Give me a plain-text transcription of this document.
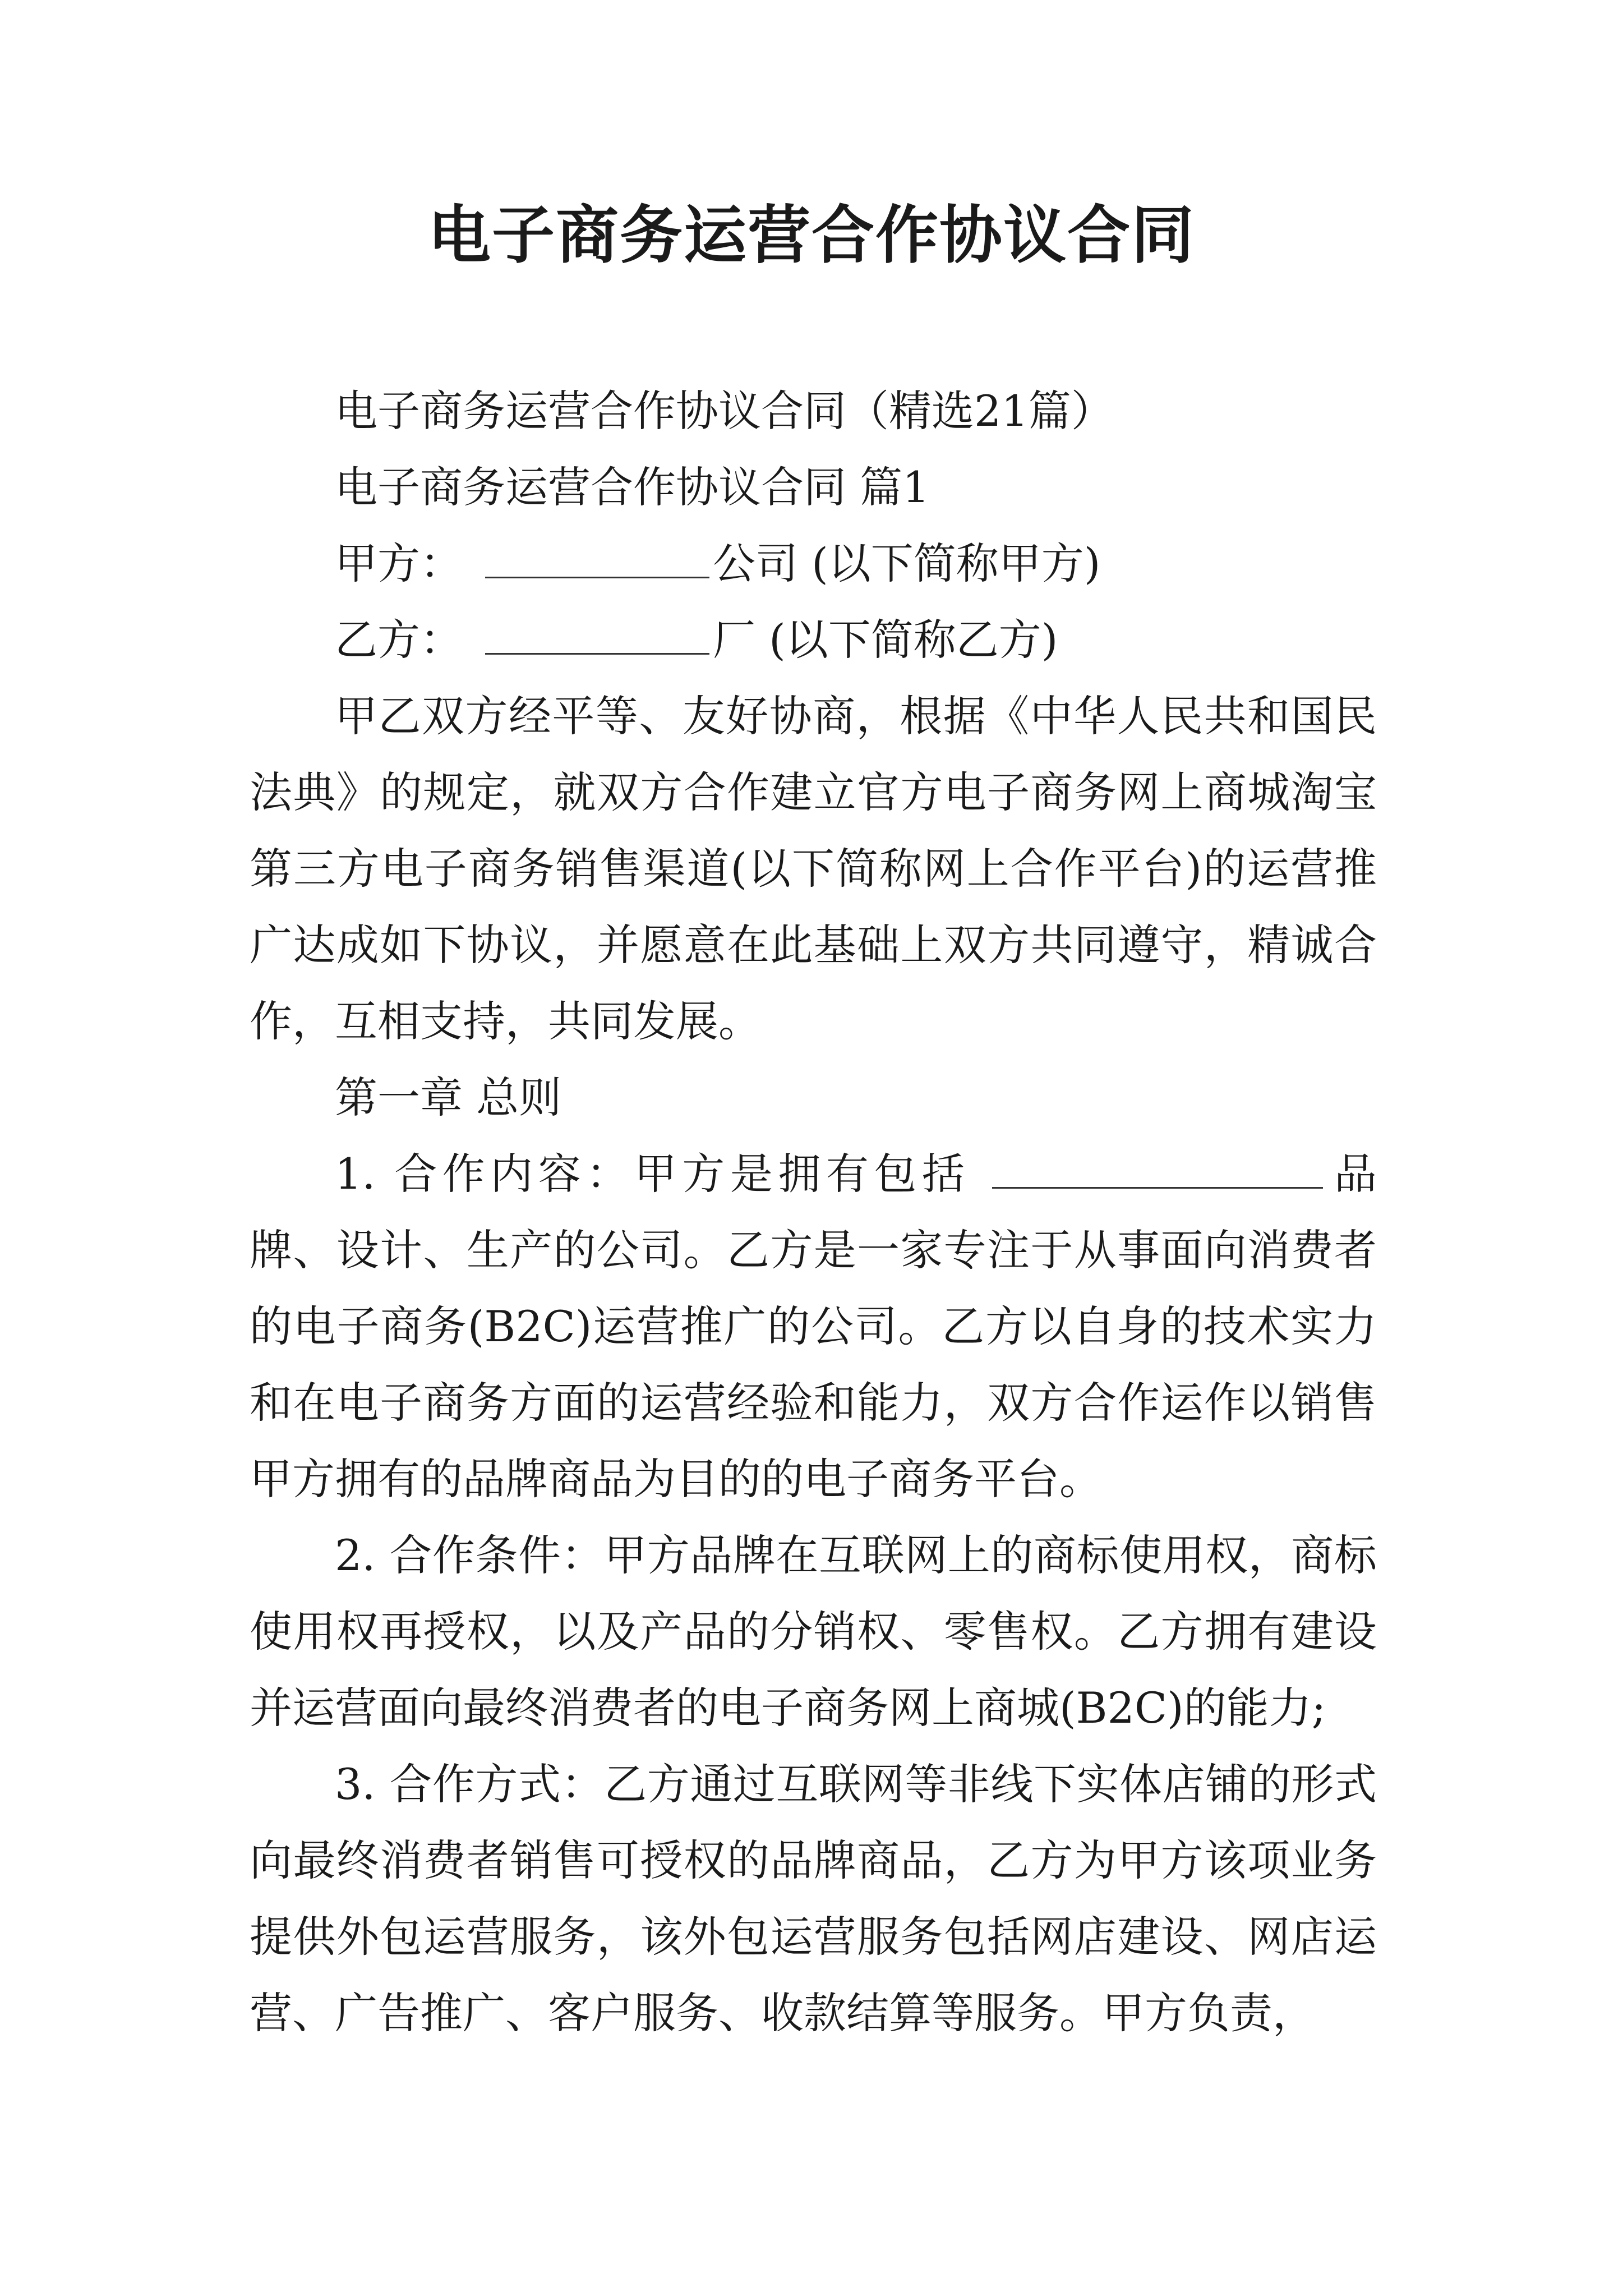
电子商务运营合作协议合同

电子商务运营合作协议合同（精选21篇）

电子商务运营合作协议合同 篇1

甲方：	公司 (以下简称甲方)

乙方：	厂 (以下简称乙方)

甲乙双方经平等、友好协商，根据《中华人民共和国民法典》的规定，就双方合作建立官方电子商务网上商城淘宝第三方电子商务销售渠道(以下简称网上合作平台)的运营推广达成如下协议，并愿意在此基础上双方共同遵守，精诚合作，互相支持，共同发展。

第一章 总则

1. 合作内容：甲方是拥有包括	品牌、设计、生产的公司。乙方是一家专注于从事面向消费者的电子商务(B2C)运营推广的公司。乙方以自身的技术实力和在电子商务方面的运营经验和能力，双方合作运作以销售甲方拥有的品牌商品为目的的电子商务平台。

2. 合作条件：甲方品牌在互联网上的商标使用权，商标使用权再授权，以及产品的分销权、零售权。乙方拥有建设并运营面向最终消费者的电子商务网上商城(B2C)的能力;

3. 合作方式：乙方通过互联网等非线下实体店铺的形式向最终消费者销售可授权的品牌商品，乙方为甲方该项业务提供外包运营服务，该外包运营服务包括网店建设、网店运营、广告推广、客户服务、收款结算等服务。甲方负责，
